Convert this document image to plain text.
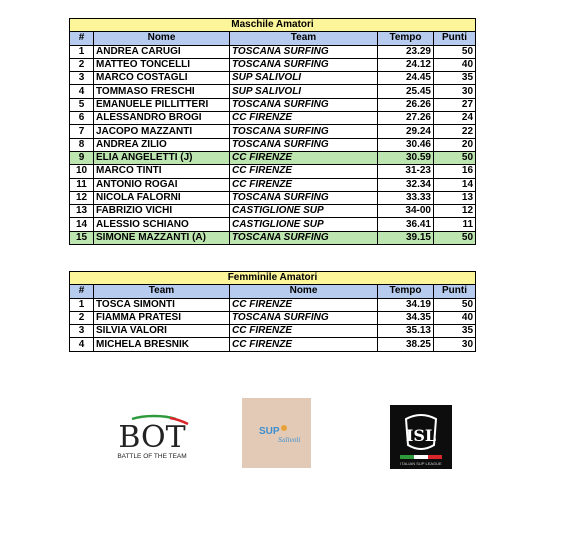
Maschile Amatori				
#	Nome	Team	Tempo	Punti
1	ANDREA CARUGI	TOSCANA SURFING	23.29	50
2	MATTEO TONCELLI	TOSCANA SURFING	24.12	40
3	MARCO COSTAGLI	SUP SALIVOLI	24.45	35
4	TOMMASO FRESCHI	SUP SALIVOLI	25.45	30
5	EMANUELE PILLITTERI	TOSCANA SURFING	26.26	27
6	ALESSANDRO BROGI	CC FIRENZE	27.26	24
7	JACOPO MAZZANTI	TOSCANA SURFING	29.24	22
8	ANDREA ZILIO	TOSCANA SURFING	30.46	20
9	ELIA ANGELETTI (J)	CC FIRENZE	30.59	50
10	MARCO TINTI	CC FIRENZE	31-23	16
11	ANTONIO ROGAI	CC FIRENZE	32.34	14
12	NICOLA FALORNI	TOSCANA SURFING	33.33	13
13	FABRIZIO VICHI	CASTIGLIONE SUP	34-00	12
14	ALESSIO SCHIANO	CASTIGLIONE SUP	36.41	11
15	SIMONE MAZZANTI (A)	TOSCANA SURFING	39.15	50
Femminile Amatori				
#	Team	Nome	Tempo	Punti
1	TOSCA SIMONTI	CC FIRENZE	34.19	50
2	FIAMMA PRATESI	TOSCANA SURFING	34.35	40
3	SILVIA VALORI	CC FIRENZE	35.13	35
4	MICHELA BRESNIK	CC FIRENZE	38.25	30
BOT
BATTLE OF THE TEAM
SUP
Salivoli	ISL
ITALIAN SUP LEAGUE
